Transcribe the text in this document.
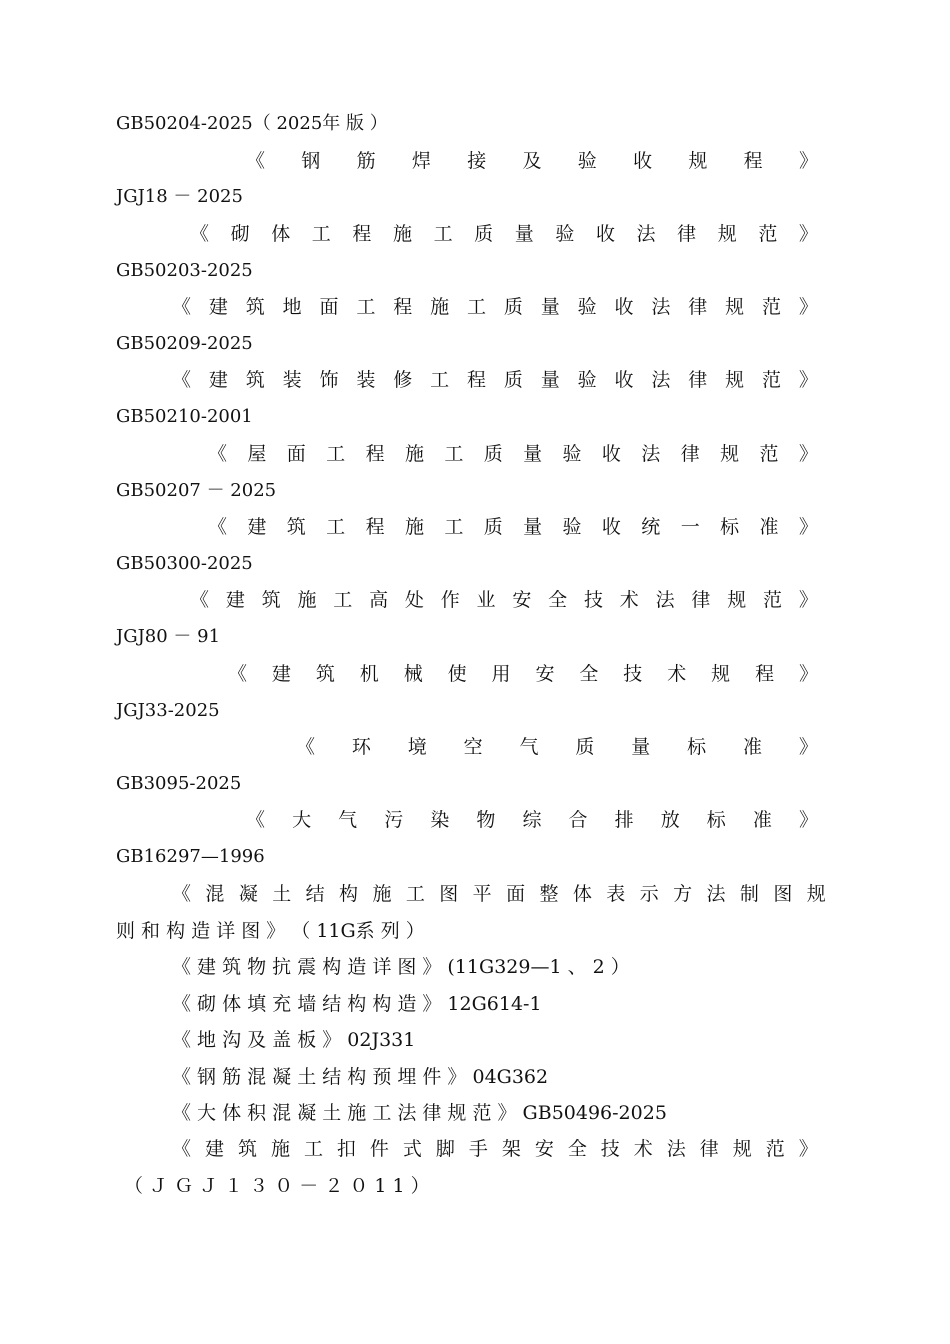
GB50204-2025（ 2025年 版 ）
《 钢 筋 焊 接 及 验 收 规 程 》
JGJ18 － 2025
《 砌 体 工 程 施 工 质 量 验 收 法 律 规 范 》
GB50203-2025
《 建 筑 地 面 工 程 施 工 质 量 验 收 法 律 规 范 》
GB50209-2025
《 建 筑 装 饰 装 修 工 程 质 量 验 收 法 律 规 范 》
GB50210-2001
《 屋 面 工 程 施 工 质 量 验 收 法 律 规 范 》
GB50207 － 2025
《 建 筑 工 程 施 工 质 量 验 收 统 一 标 准 》
GB50300-2025
《 建 筑 施 工 高 处 作 业 安 全 技 术 法 律 规 范 》
JGJ80 － 91
《 建 筑 机 械 使 用 安 全 技 术 规 程 》
JGJ33-2025
《 环 境 空 气 质 量 标 准 》
GB3095-2025
《 大 气 污 染 物 综 合 排 放 标 准 》
GB16297—1996
《 混 凝 土 结 构 施 工 图 平 面 整 体 表 示 方 法 制 图 规
则 和 构 造 详 图 》 （ 11G系 列 ）
《 建 筑 物 抗 震 构 造 详 图 》 (11G329—1 、 2 ）
《 砌 体 填 充 墙 结 构 构 造 》 12G614-1
《 地 沟 及 盖 板 》 02J331
《 钢 筋 混 凝 土 结 构 预 埋 件 》 04G362
《 大 体 积 混 凝 土 施 工 法 律 规 范 》 GB50496-2025
《 建 筑 施 工 扣 件 式 脚 手 架 安 全 技 术 法 律 规 范 》
（ Ｊ Ｇ Ｊ １ ３ ０ － ２ ０ 1 1 ）
